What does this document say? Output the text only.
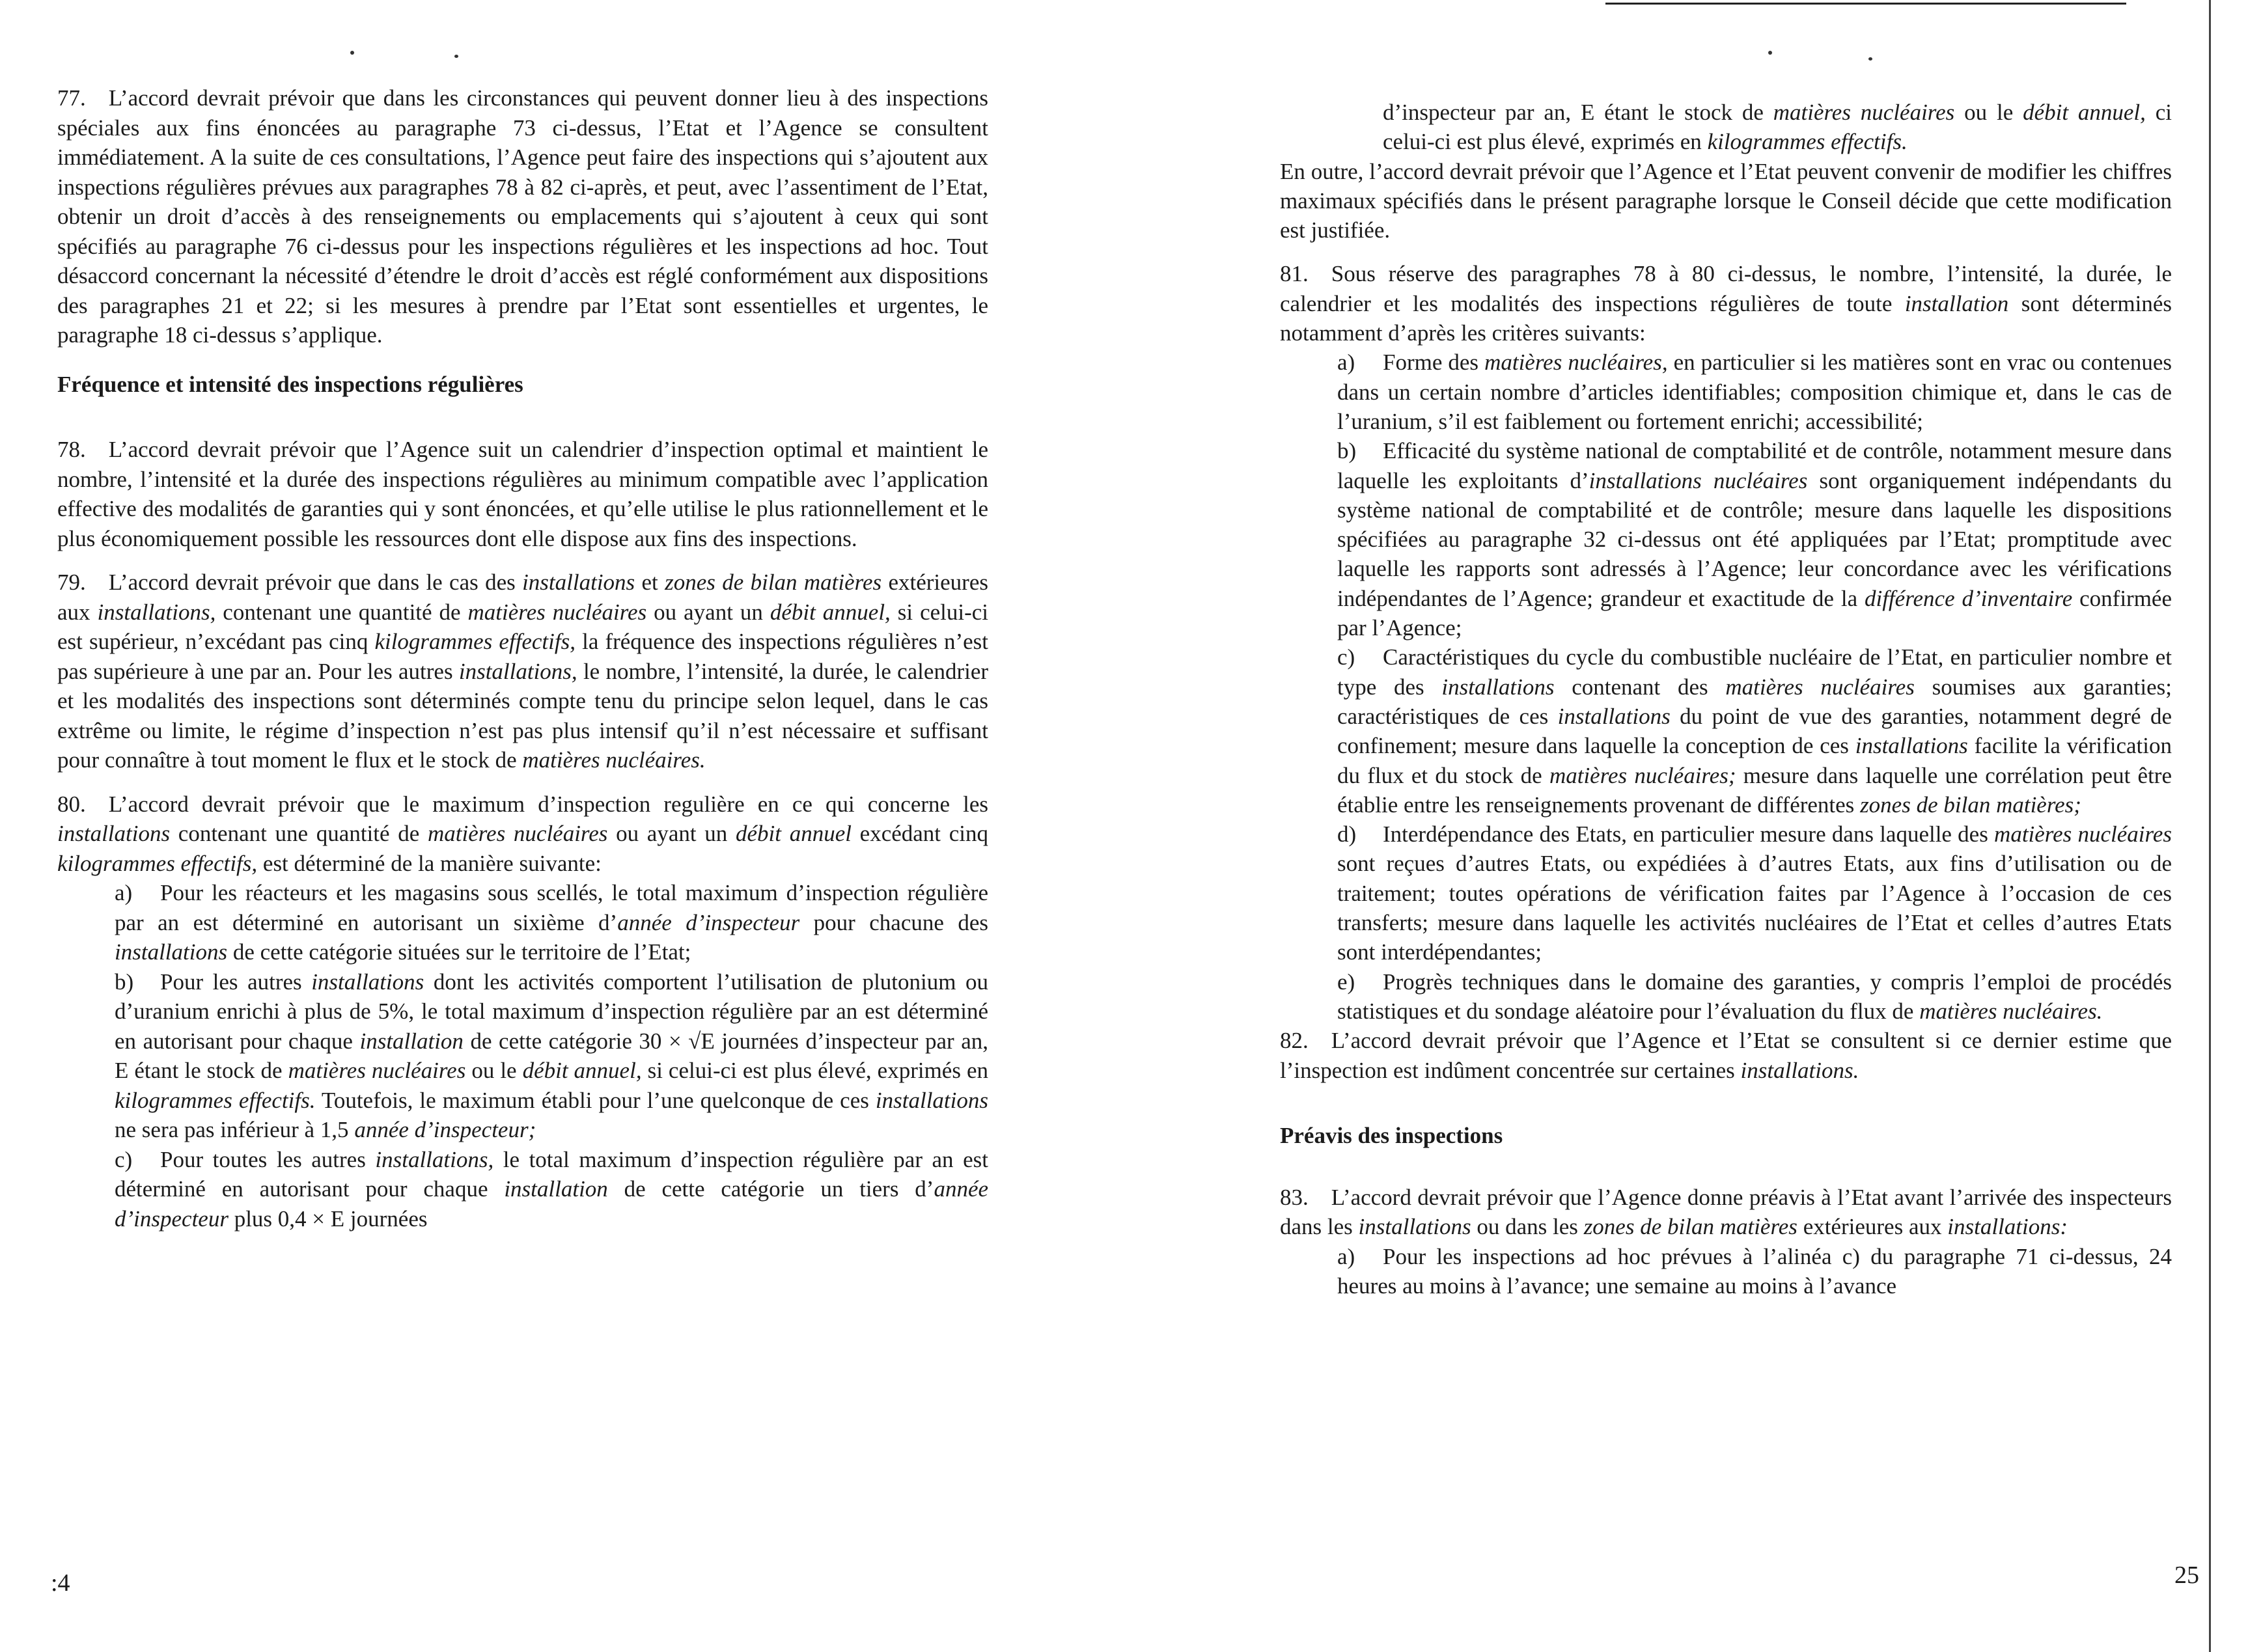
77. L’accord devrait prévoir que dans les circonstances qui peuvent donner lieu à des inspections spéciales aux fins énoncées au paragraphe 73 ci-dessus, l’Etat et l’Agence se consultent immédiatement. A la suite de ces consultations, l’Agence peut faire des inspections qui s’ajoutent aux inspections régulières prévues aux paragraphes 78 à 82 ci-après, et peut, avec l’assentiment de l’Etat, obtenir un droit d’accès à des renseignements ou emplacements qui s’ajoutent à ceux qui sont spécifiés au paragraphe 76 ci-dessus pour les inspections régulières et les inspections ad hoc. Tout désaccord concernant la nécessité d’étendre le droit d’accès est réglé conformément aux dispositions des paragraphes 21 et 22; si les mesures à prendre par l’Etat sont essentielles et urgentes, le paragraphe 18 ci-dessus s’applique.

Fréquence et intensité des inspections régulières

78. L’accord devrait prévoir que l’Agence suit un calendrier d’inspection optimal et maintient le nombre, l’intensité et la durée des inspections régulières au minimum compatible avec l’application effective des modalités de garanties qui y sont énoncées, et qu’elle utilise le plus rationnellement et le plus économiquement possible les ressources dont elle dispose aux fins des inspections.

79. L’accord devrait prévoir que dans le cas des installations et zones de bilan matières extérieures aux installations, contenant une quantité de matières nucléaires ou ayant un débit annuel, si celui-ci est supérieur, n’excédant pas cinq kilogrammes effectifs, la fréquence des inspections régulières n’est pas supérieure à une par an. Pour les autres installations, le nombre, l’intensité, la durée, le calendrier et les modalités des inspections sont déterminés compte tenu du principe selon lequel, dans le cas extrême ou limite, le régime d’inspection n’est pas plus intensif qu’il n’est nécessaire et suffisant pour connaître à tout moment le flux et le stock de matières nucléaires.

80. L’accord devrait prévoir que le maximum d’inspection regulière en ce qui concerne les installations contenant une quantité de matières nucléaires ou ayant un débit annuel excédant cinq kilogrammes effectifs, est déterminé de la manière suivante:

a) Pour les réacteurs et les magasins sous scellés, le total maximum d’inspection régulière par an est déterminé en autorisant un sixième d’année d’inspecteur pour chacune des installations de cette catégorie situées sur le territoire de l’Etat;

b) Pour les autres installations dont les activités comportent l’utilisation de plutonium ou d’uranium enrichi à plus de 5%, le total maximum d’inspection régulière par an est déterminé en autorisant pour chaque installation de cette catégorie 30 × √E journées d’inspecteur par an, E étant le stock de matières nucléaires ou le débit annuel, si celui-ci est plus élevé, exprimés en kilogrammes effectifs. Toutefois, le maximum établi pour l’une quelconque de ces installations ne sera pas inférieur à 1,5 année d’inspecteur;

c) Pour toutes les autres installations, le total maximum d’inspection régulière par an est déterminé en autorisant pour chaque installation de cette catégorie un tiers d’année d’inspecteur plus 0,4 × E journées

:4

d’inspecteur par an, E étant le stock de matières nucléaires ou le débit annuel, ci celui-ci est plus élevé, exprimés en kilogrammes effectifs.

En outre, l’accord devrait prévoir que l’Agence et l’Etat peuvent convenir de modifier les chiffres maximaux spécifiés dans le présent paragraphe lorsque le Conseil décide que cette modification est justifiée.

81. Sous réserve des paragraphes 78 à 80 ci-dessus, le nombre, l’intensité, la durée, le calendrier et les modalités des inspections régulières de toute installation sont déterminés notamment d’après les critères suivants:

a) Forme des matières nucléaires, en particulier si les matières sont en vrac ou contenues dans un certain nombre d’articles identifiables; composition chimique et, dans le cas de l’uranium, s’il est faiblement ou fortement enrichi; accessibilité;

b) Efficacité du système national de comptabilité et de contrôle, notamment mesure dans laquelle les exploitants d’installations nucléaires sont organiquement indépendants du système national de comptabilité et de contrôle; mesure dans laquelle les dispositions spécifiées au paragraphe 32 ci-dessus ont été appliquées par l’Etat; promptitude avec laquelle les rapports sont adressés à l’Agence; leur concordance avec les vérifications indépendantes de l’Agence; grandeur et exactitude de la différence d’inventaire confirmée par l’Agence;

c) Caractéristiques du cycle du combustible nucléaire de l’Etat, en particulier nombre et type des installations contenant des matières nucléaires soumises aux garanties; caractéristiques de ces installations du point de vue des garanties, notamment degré de confinement; mesure dans laquelle la conception de ces installations facilite la vérification du flux et du stock de matières nucléaires; mesure dans laquelle une corrélation peut être établie entre les renseignements provenant de différentes zones de bilan matières;

d) Interdépendance des Etats, en particulier mesure dans laquelle des matières nucléaires sont reçues d’autres Etats, ou expédiées à d’autres Etats, aux fins d’utilisation ou de traitement; toutes opérations de vérification faites par l’Agence à l’occasion de ces transferts; mesure dans laquelle les activités nucléaires de l’Etat et celles d’autres Etats sont interdépendantes;

e) Progrès techniques dans le domaine des garanties, y compris l’emploi de procédés statistiques et du sondage aléatoire pour l’évaluation du flux de matières nucléaires.

82. L’accord devrait prévoir que l’Agence et l’Etat se consultent si ce dernier estime que l’inspection est indûment concentrée sur certaines installations.

Préavis des inspections

83. L’accord devrait prévoir que l’Agence donne préavis à l’Etat avant l’arrivée des inspecteurs dans les installations ou dans les zones de bilan matières extérieures aux installations:

a) Pour les inspections ad hoc prévues à l’alinéa c) du paragraphe 71 ci-dessus, 24 heures au moins à l’avance; une semaine au moins à l’avance

25
